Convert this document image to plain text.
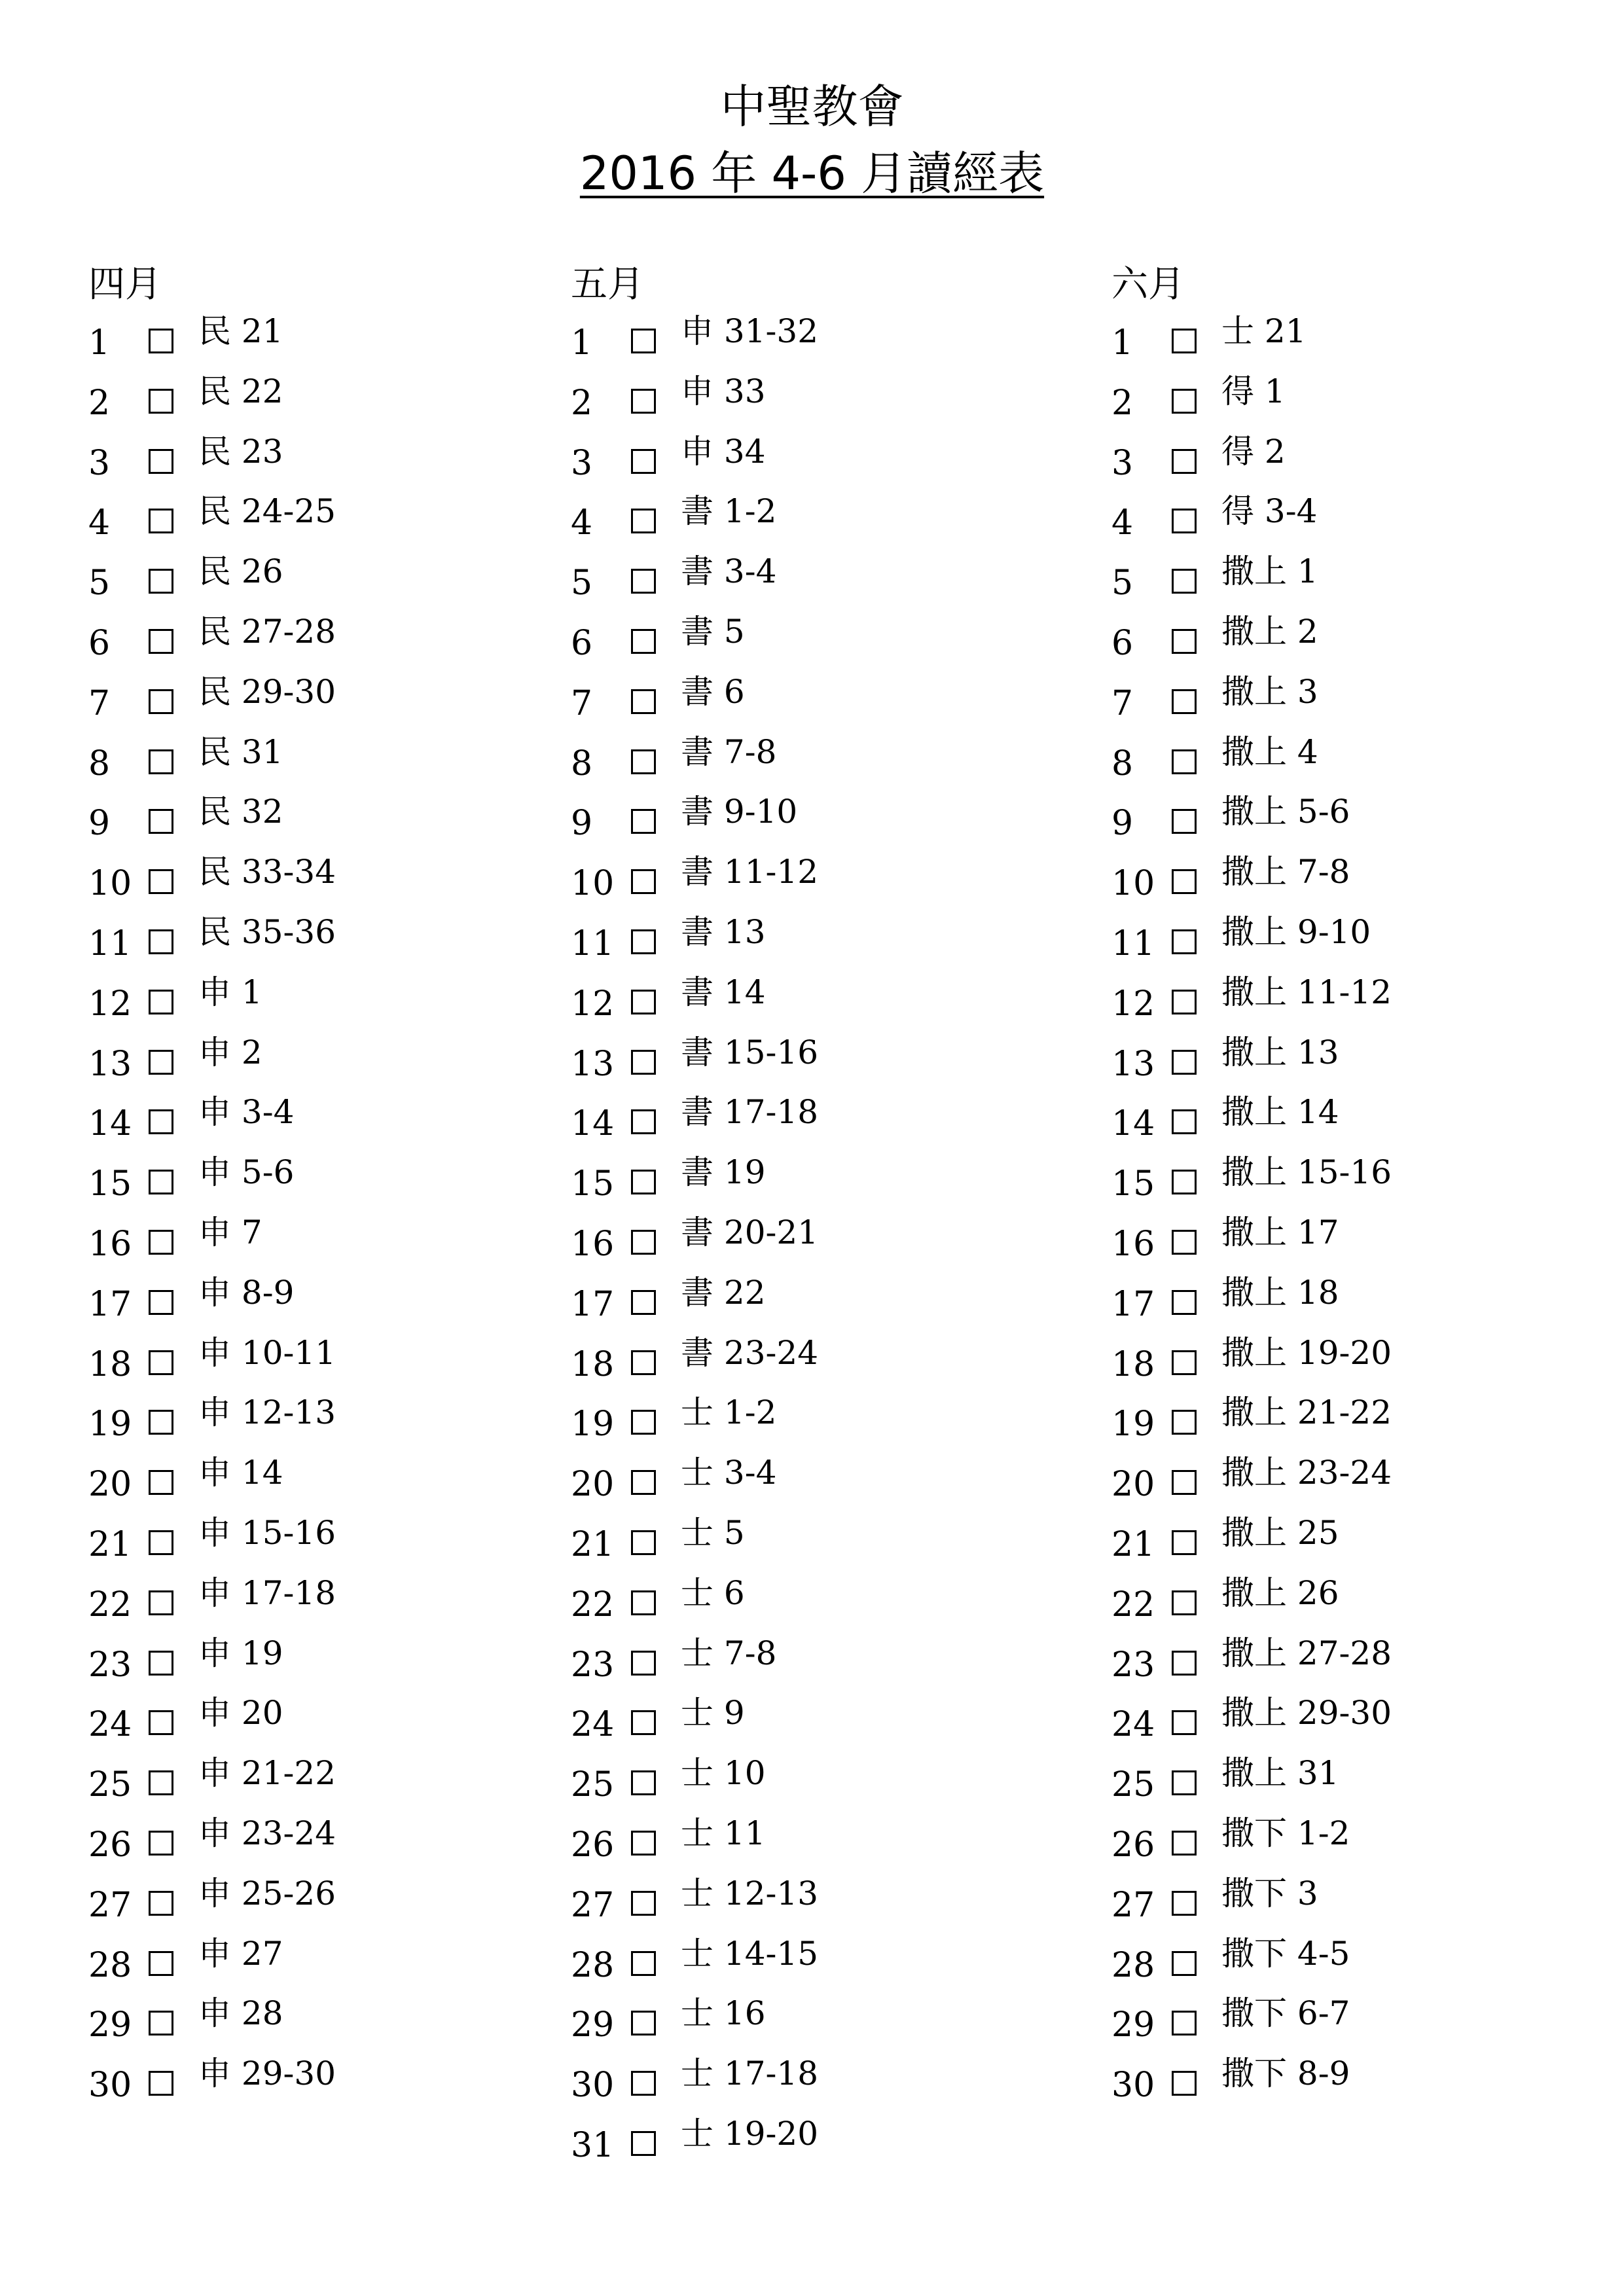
中聖教會
2016 年 4-6 月讀經表
四月
1	民 21
2	民 22
3	民 23
4	民 24-25
5	民 26
6	民 27-28
7	民 29-30
8	民 31
9	民 32
10 民 33-34
11 民 35-36
12 申 1
13 申 2
14 申 3-4
15 申 5-6
16 申 7
17 申 8-9
18 申 10-11
19 申 12-13
20 申 14
21 申 15-16
22 申 17-18
23 申 19
24 申 20
25 申 21-22
26 申 23-24
27 申 25-26
28 申 27
29 申 28
30 申 29-30
五月
1	申 31-32
2	申 33
3	申 34
4	書 1-2
5	書 3-4
6	書 5
7	書 6
8	書 7-8
9	書 9-10
10 書 11-12
11 書 13
12 書 14
13 書 15-16
14 書 17-18
15 書 19
16 書 20-21
17 書 22
18 書 23-24
19 士 1-2
20 士 3-4
21 士 5
22 士 6
23 士 7-8
24 士 9
25 士 10
26 士 11
27 士 12-13
28 士 14-15
29 士 16
30 士 17-18
31 士 19-20
六月
1	士 21
2	得 1
3	得 2
4	得 3-4
5	撒上 1
6	撒上 2
7	撒上 3
8	撒上 4
9	撒上 5-6
10 撒上 7-8
11 撒上 9-10
12 撒上 11-12
13 撒上 13
14 撒上 14
15 撒上 15-16
16 撒上 17
17 撒上 18
18 撒上 19-20
19 撒上 21-22
20 撒上 23-24
21 撒上 25
22 撒上 26
23 撒上 27-28
24 撒上 29-30
25 撒上 31
26 撒下 1-2
27 撒下 3
28 撒下 4-5
29 撒下 6-7
30 撒下 8-9
